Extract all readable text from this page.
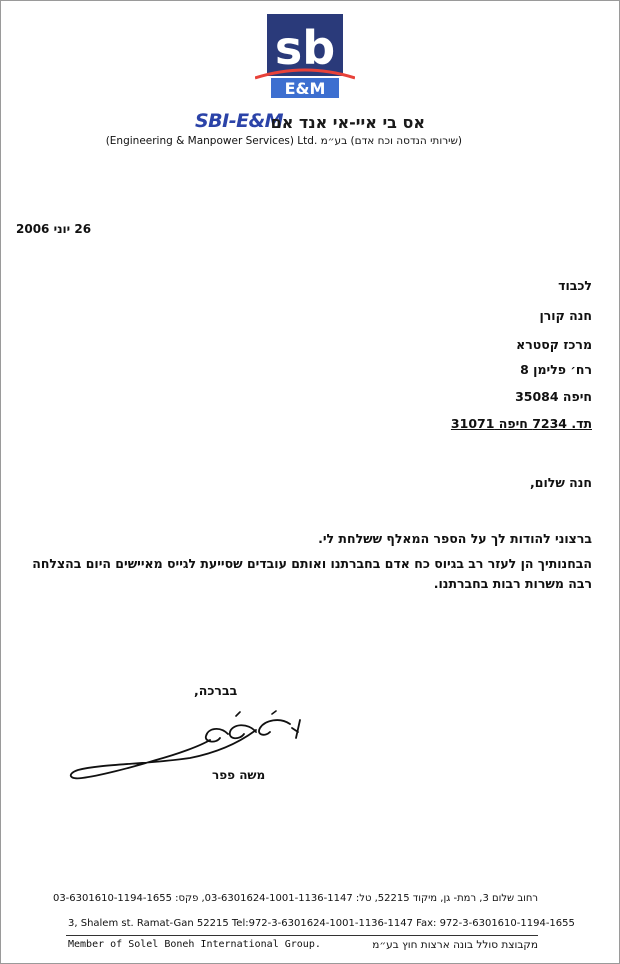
sb
E&M
SBI-E&M
אס בי איי-אי אנד אם
(שירותי הנדסה וכח אדם) בע״מ .Engineering & Manpower Services) Ltd)
26 יוני 2006
לכבוד
חנה קורן
מרכז קסטרא
רח׳ פלימן 8
חיפה 35084
תד. 7234 חיפה 31071
חנה שלום,
ברצוני להודות לך על הספר המאלף ששלחת לי.
הבחנותיך הן לעזר רב בגיוס כח אדם בחברתנו ואותם עובדים שסייעת לגייס מאיישים היום בהצלחה רבה משרות רבות בחברתנו.
בברכה,
משה פפר
רחוב שלום 3, רמת- גן, מיקוד 52215, טל: 03-6301624-1001-1136-1147, פקס: 03-6301610-1194-1655
3, Shalem st. Ramat-Gan 52215 Tel:972-3-6301624-1001-1136-1147 Fax: 972-3-6301610-1194-1655
Member of Solel Boneh International Group.	מקבוצת סולל בונה ארצות חוץ בע״מ
